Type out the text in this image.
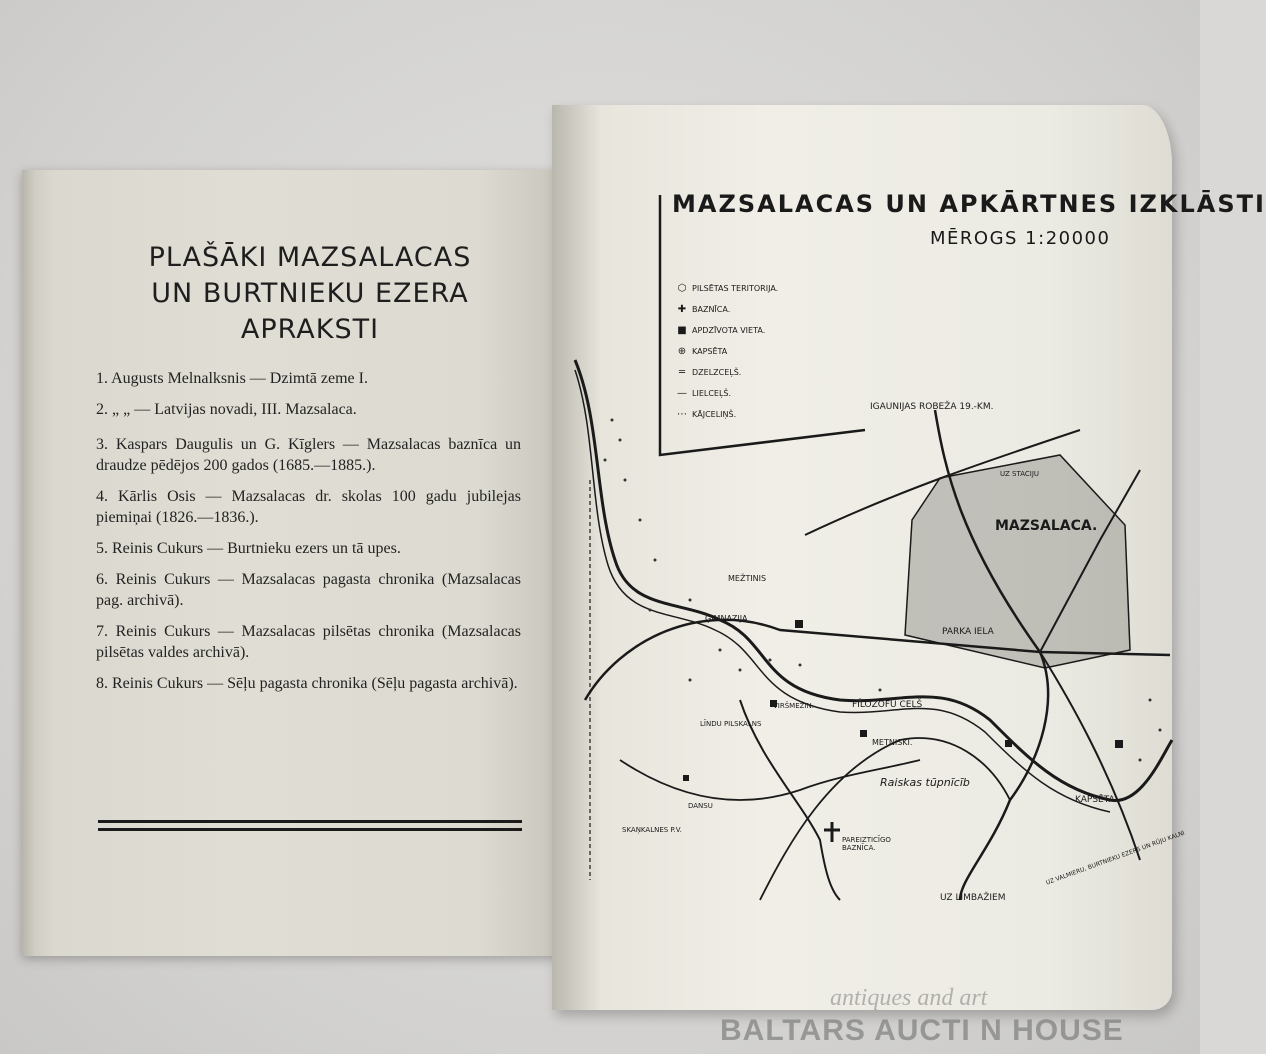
PLAŠĀKI MAZSALACAS
UN BURTNIEKU EZERA
APRAKSTI
1. Augusts Melnalksnis — Dzimtā zeme I.
2. „ „ — Latvijas novadi, III. Mazsalaca.
3. Kaspars Daugulis un G. Kīglers — Mazsalacas baznīca un draudze pēdējos 200 gados (1685.—1885.).
4. Kārlis Osis — Mazsalacas dr. skolas 100 gadu jubilejas piemiņai (1826.—1836.).
5. Reinis Cukurs — Burtnieku ezers un tā upes.
6. Reinis Cukurs — Mazsalacas pagasta chronika (Mazsalacas pag. archivā).
7. Reinis Cukurs — Mazsalacas pilsētas chronika (Mazsalacas pilsētas valdes archivā).
8. Reinis Cukurs — Sēļu pagasta chronika (Sēļu pagasta archivā).
MAZSALACAS UN APKĀRTNES IZKLĀSTI
MĒROGS 1:20000
⬡ PILSĒTAS TERITORIJA.
✚ BAZNĪCA.
■ APDZĪVOTA VIETA.
⊕ KAPSĒTA
═ DZELZCEĻŠ.
— LIELCEĻŠ.
⋯ KĀJCELIŅŠ.
IGAUNIJAS ROBEŽA 19.-KM.
MAZSALACA.
UZ STACIJU
MEŽTINIS
ĢIMNAZIJA
PARKA IELA
FILOZOFU CEĻŠ
VIRŠMEŽIN.
LĪNDU PILSKALNS
METNISKI.
Raiskas tūpnīcīb
KAPSĒTA
PAREIZTICĪGO BAZNĪCA.
SKAŅKALNES P.V.
DANSU
UZ LIMBAŽIEM
UZ VALMIERU, BURTNIEKU EZERS UN RŪJU KALNI
antiques and art
BALTARS AUCTI N HOUSE
